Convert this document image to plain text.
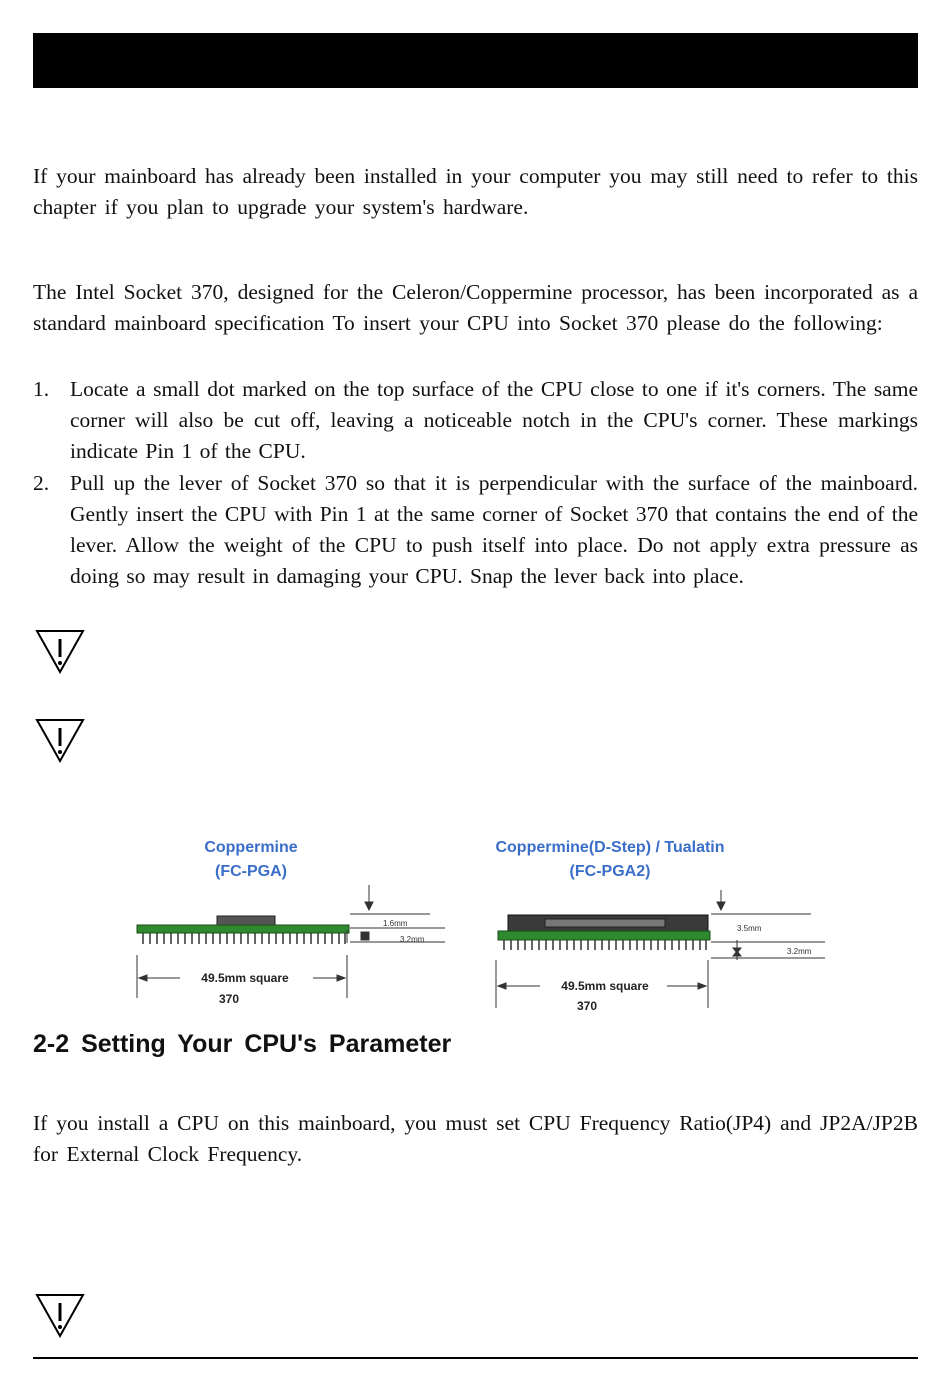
If your mainboard has already been installed in your computer you may still need to refer to this chapter if you plan to upgrade your system's hardware.

The Intel Socket 370, designed for the Celeron/Coppermine processor, has been incorporated as a standard mainboard specification To insert your CPU into Socket 370 please do the following:

1. Locate a small dot marked on the top surface of the CPU close to one if it's corners. The same corner will also be cut off, leaving a noticeable notch in the CPU's corner. These markings indicate Pin 1 of the CPU.
2. Pull up the lever of Socket 370 so that it is perpendicular with the surface of the mainboard. Gently insert the CPU with Pin 1 at the same corner of Socket 370 that contains the end of the lever. Allow the weight of the CPU to push itself into place. Do not apply extra pressure as doing so may result in damaging your CPU. Snap the lever back into place.
Coppermine
(FC-PGA)
1.6mm
3.2mm
49.5mm square
370
Coppermine(D-Step) / Tualatin
(FC-PGA2)
3.5mm
3.2mm
49.5mm square
370
2-2 Setting Your CPU's Parameter

If you install a CPU on this mainboard, you must set CPU Frequency Ratio(JP4) and JP2A/JP2B for External Clock Frequency.
